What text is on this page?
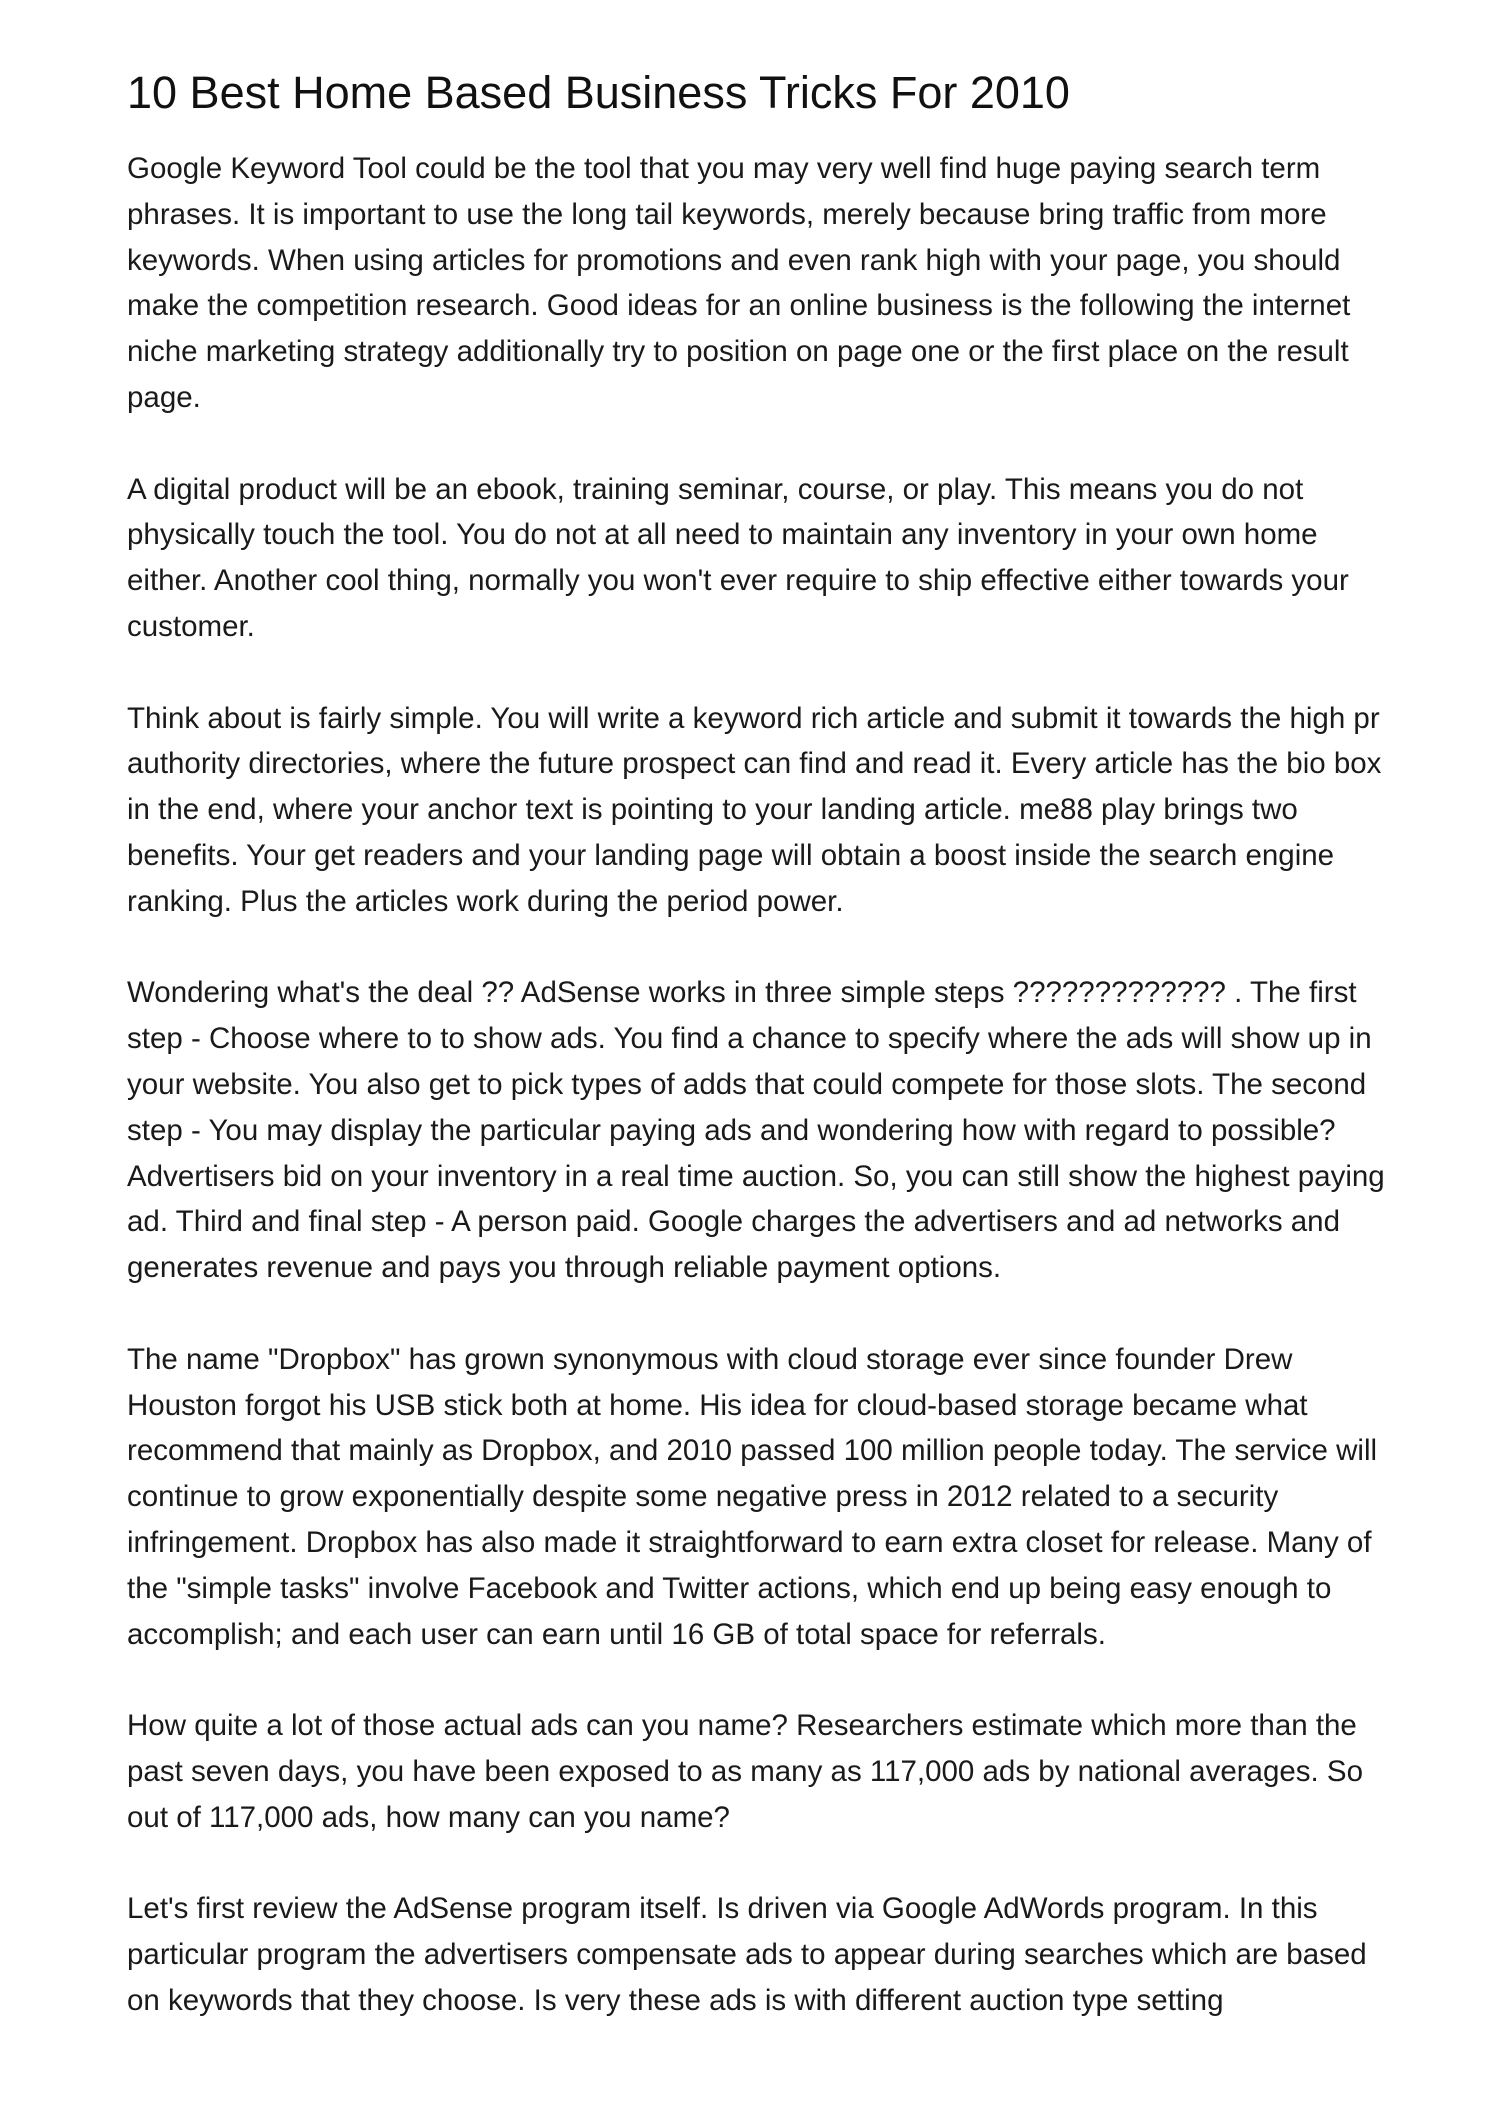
10 Best Home Based Business Tricks For 2010

Google Keyword Tool could be the tool that you may very well find huge paying search term phrases. It is important to use the long tail keywords, merely because bring traffic from more keywords. When using articles for promotions and even rank high with your page, you should make the competition research. Good ideas for an online business is the following the internet niche marketing strategy additionally try to position on page one or the first place on the result page.

A digital product will be an ebook, training seminar, course, or play. This means you do not physically touch the tool. You do not at all need to maintain any inventory in your own home either. Another cool thing, normally you won't ever require to ship effective either towards your customer.

Think about is fairly simple. You will write a keyword rich article and submit it towards the high pr authority directories, where the future prospect can find and read it. Every article has the bio box in the end, where your anchor text is pointing to your landing article. me88 play brings two benefits. Your get readers and your landing page will obtain a boost inside the search engine ranking. Plus the articles work during the period power.

Wondering what's the deal ?? AdSense works in three simple steps ????????????? . The first step - Choose where to to show ads. You find a chance to specify where the ads will show up in your website. You also get to pick types of adds that could compete for those slots. The second step - You may display the particular paying ads and wondering how with regard to possible? Advertisers bid on your inventory in a real time auction. So, you can still show the highest paying ad. Third and final step - A person paid. Google charges the advertisers and ad networks and generates revenue and pays you through reliable payment options.

The name "Dropbox" has grown synonymous with cloud storage ever since founder Drew Houston forgot his USB stick both at home. His idea for cloud-based storage became what recommend that mainly as Dropbox, and 2010 passed 100 million people today. The service will continue to grow exponentially despite some negative press in 2012 related to a security infringement. Dropbox has also made it straightforward to earn extra closet for release. Many of the "simple tasks" involve Facebook and Twitter actions, which end up being easy enough to accomplish; and each user can earn until 16 GB of total space for referrals.

How quite a lot of those actual ads can you name? Researchers estimate which more than the past seven days, you have been exposed to as many as 117,000 ads by national averages. So out of 117,000 ads, how many can you name?

Let's first review the AdSense program itself. Is driven via Google AdWords program. In this particular program the advertisers compensate ads to appear during searches which are based on keywords that they choose. Is very these ads is with different auction type setting
